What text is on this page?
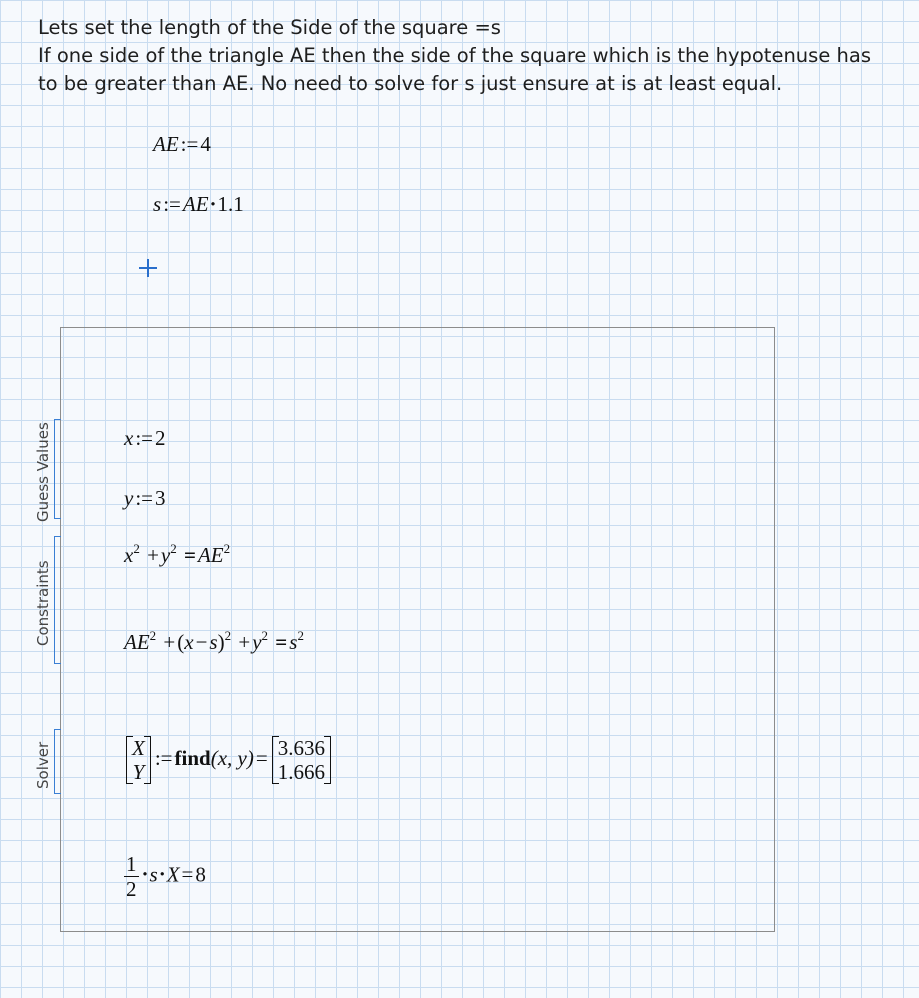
Lets set the length of the Side of the square =s
If one side of the triangle AE then the side of the square which is the hypotenuse has
to be greater than AE. No need to solve for s just ensure at is at least equal.
AE:=4
s:=AE·1.1
Guess Values
Constraints
Solver
x:=2
y:=3
$x^2 +y^2 =AE^2$
$AE^2 +(x-s)^2 +y^2 =s^2$
X
Y
:=find(x, y)= 3.636
1.666
$\frac{1}{2} \cdot s\cdot X=8$
